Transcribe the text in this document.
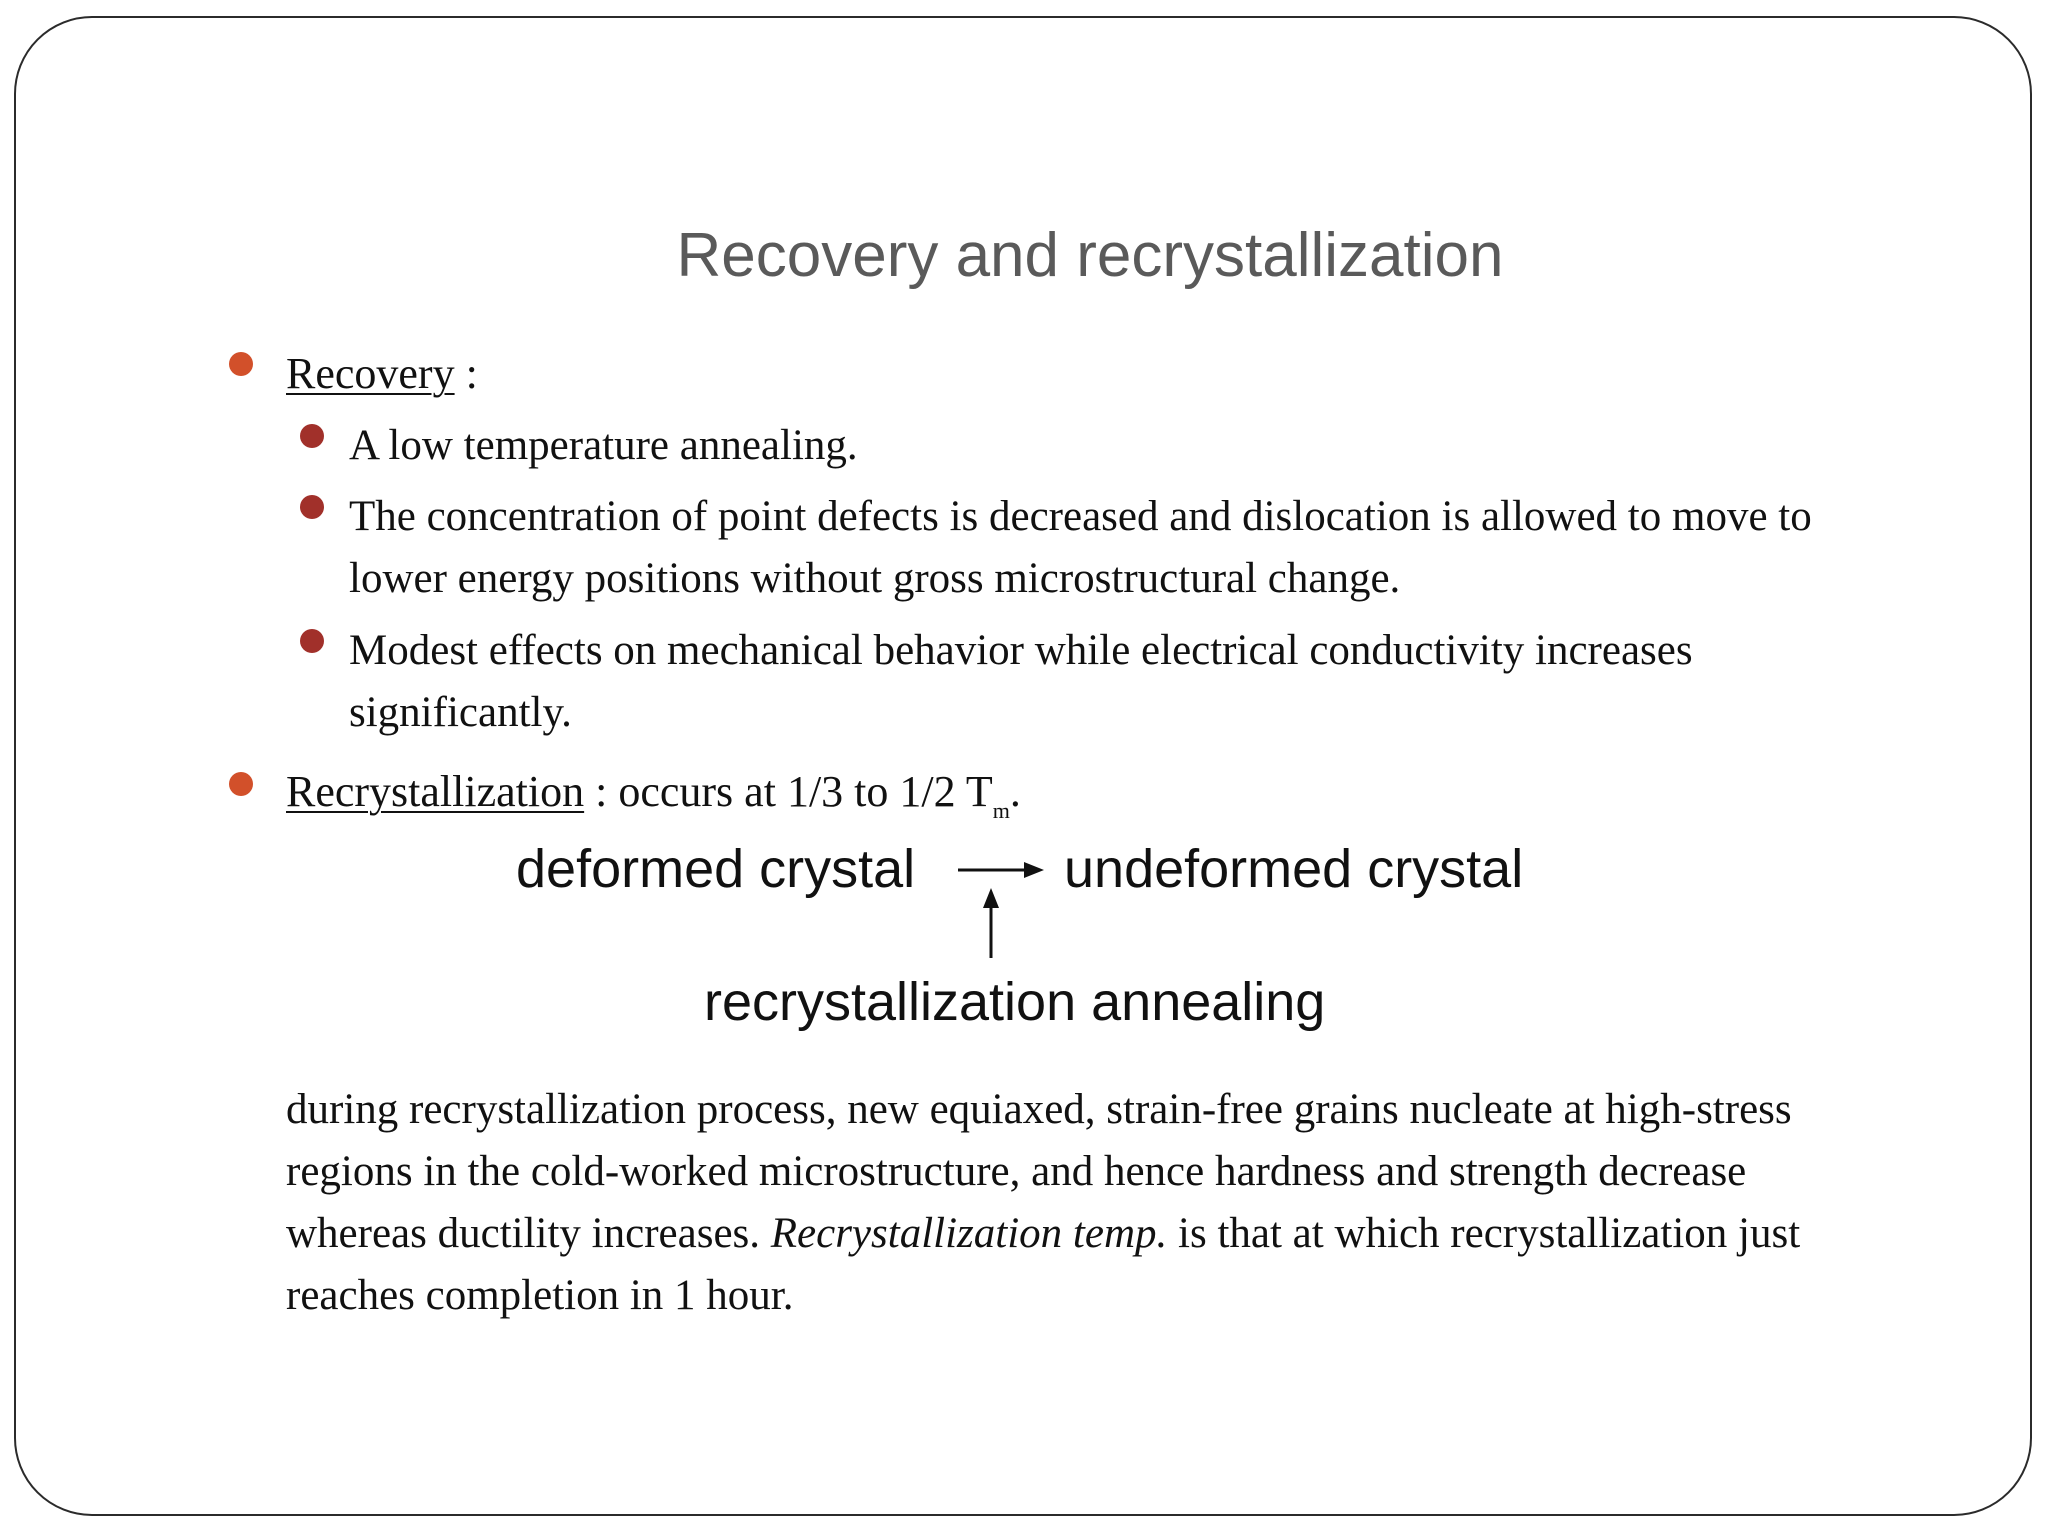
Recovery and recrystallization
Recovery :
A low temperature annealing.
The concentration of point defects is decreased and dislocation is allowed to move to
lower energy positions without gross microstructural change.
Modest effects on mechanical behavior while electrical conductivity increases
significantly.
Recrystallization : occurs at 1/3 to 1/2 $T_m$.
deformed crystal	undeformed crystal
recrystallization annealing

during recrystallization process, new equiaxed, strain-free grains nucleate at high-stress

regions in the cold-worked microstructure, and hence hardness and strength decrease

whereas ductility increases. Recrystallization temp. is that at which recrystallization just

reaches completion in 1 hour.
